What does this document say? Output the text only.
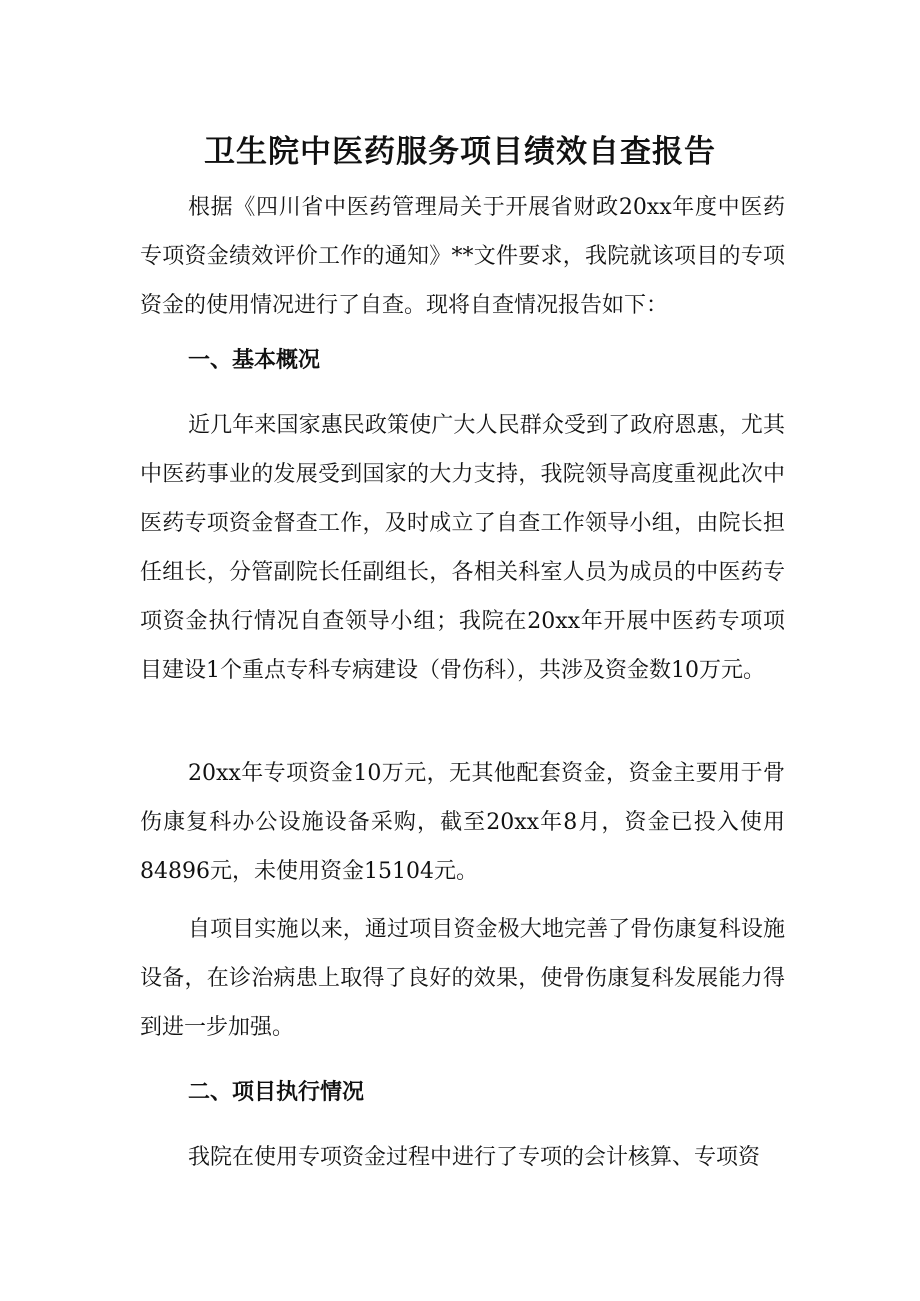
卫生院中医药服务项目绩效自查报告

根据《四川省中医药管理局关于开展省财政20xx年度中医药专项资金绩效评价工作的通知》**文件要求，我院就该项目的专项资金的使用情况进行了自查。现将自查情况报告如下：

一、基本概况

近几年来国家惠民政策使广大人民群众受到了政府恩惠，尤其中医药事业的发展受到国家的大力支持，我院领导高度重视此次中医药专项资金督查工作，及时成立了自查工作领导小组，由院长担任组长，分管副院长任副组长，各相关科室人员为成员的中医药专项资金执行情况自查领导小组；我院在20xx年开展中医药专项项目建设1个重点专科专病建设（骨伤科），共涉及资金数10万元。

20xx年专项资金10万元，无其他配套资金，资金主要用于骨伤康复科办公设施设备采购，截至20xx年8月，资金已投入使用84896元，未使用资金15104元。

自项目实施以来，通过项目资金极大地完善了骨伤康复科设施设备，在诊治病患上取得了良好的效果，使骨伤康复科发展能力得到进一步加强。

二、项目执行情况

我院在使用专项资金过程中进行了专项的会计核算、专项资
